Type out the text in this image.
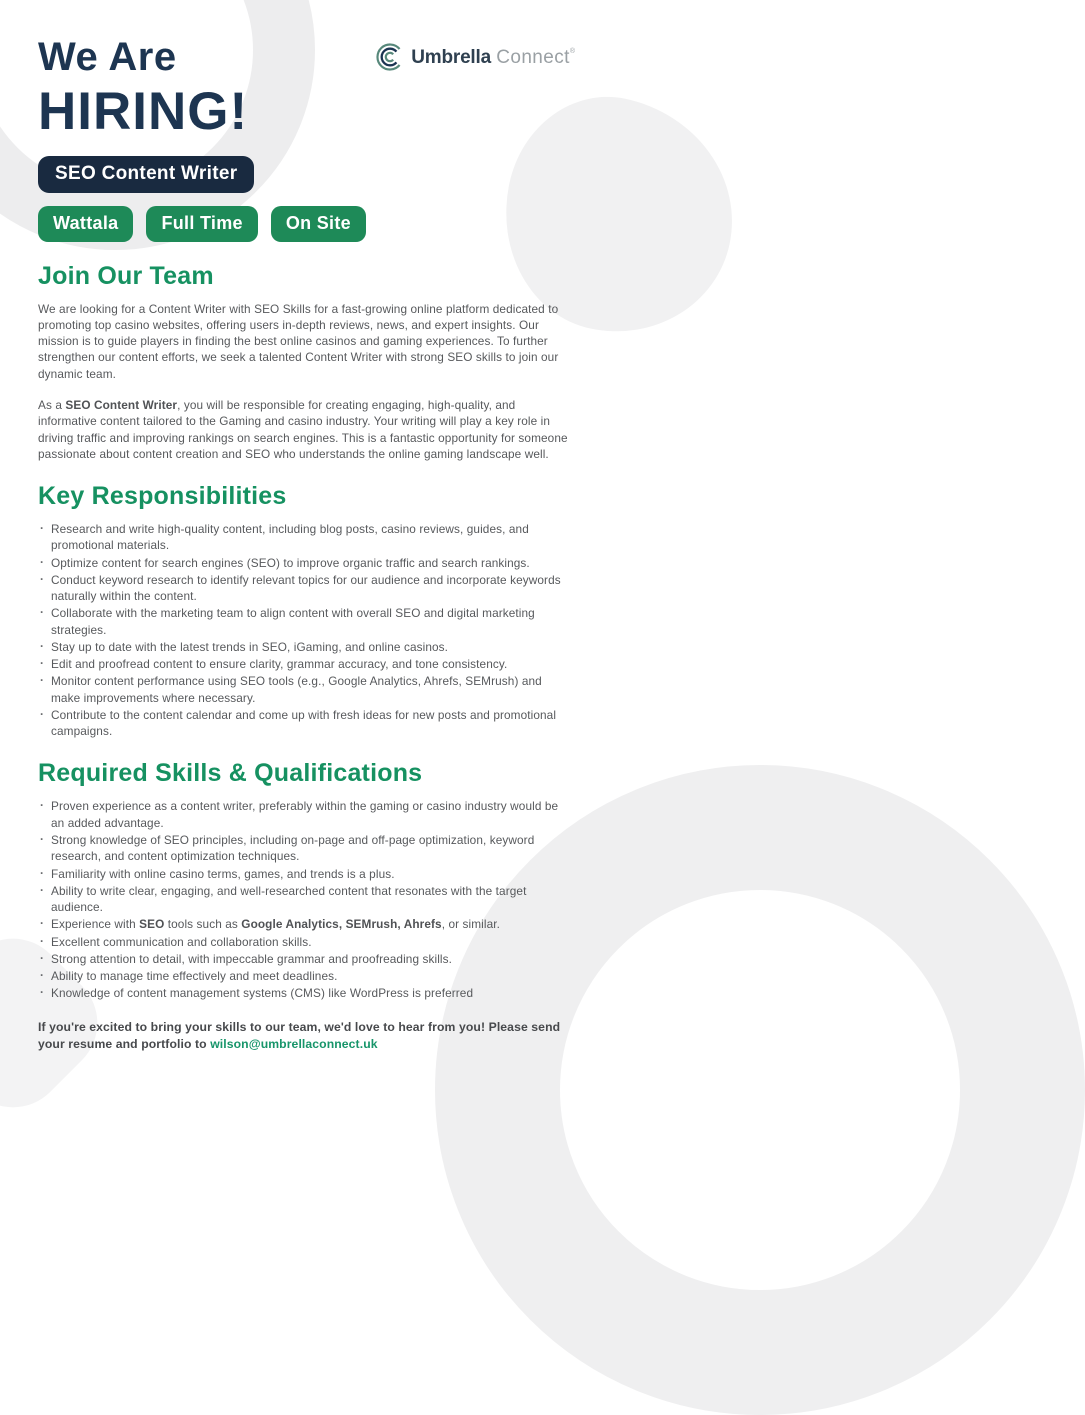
Umbrella Connect®
We Are
HIRING!
SEO Content Writer
Wattala	Full Time	On Site
Join Our Team

We are looking for a Content Writer with SEO Skills for a fast-growing online platform dedicated to promoting top casino websites, offering users in-depth reviews, news, and expert insights. Our mission is to guide players in finding the best online casinos and gaming experiences. To further strengthen our content efforts, we seek a talented Content Writer with strong SEO skills to join our dynamic team.

As a SEO Content Writer, you will be responsible for creating engaging, high-quality, and informative content tailored to the Gaming and casino industry. Your writing will play a key role in driving traffic and improving rankings on search engines. This is a fantastic opportunity for someone passionate about content creation and SEO who understands the online gaming landscape well.

Key Responsibilities
· Research and write high-quality content, including blog posts, casino reviews, guides, and promotional materials.
· Optimize content for search engines (SEO) to improve organic traffic and search rankings.
· Conduct keyword research to identify relevant topics for our audience and incorporate keywords naturally within the content.
· Collaborate with the marketing team to align content with overall SEO and digital marketing strategies.
· Stay up to date with the latest trends in SEO, iGaming, and online casinos.
· Edit and proofread content to ensure clarity, grammar accuracy, and tone consistency.
· Monitor content performance using SEO tools (e.g., Google Analytics, Ahrefs, SEMrush) and make improvements where necessary.
· Contribute to the content calendar and come up with fresh ideas for new posts and promotional campaigns.
Required Skills & Qualifications
· Proven experience as a content writer, preferably within the gaming or casino industry would be an added advantage.
· Strong knowledge of SEO principles, including on-page and off-page optimization, keyword research, and content optimization techniques.
· Familiarity with online casino terms, games, and trends is a plus.
· Ability to write clear, engaging, and well-researched content that resonates with the target audience.
· Experience with SEO tools such as Google Analytics, SEMrush, Ahrefs, or similar.
· Excellent communication and collaboration skills.
· Strong attention to detail, with impeccable grammar and proofreading skills.
· Ability to manage time effectively and meet deadlines.
· Knowledge of content management systems (CMS) like WordPress is preferred
If you're excited to bring your skills to our team, we'd love to hear from you! Please send your resume and portfolio to wilson@umbrellaconnect.uk
